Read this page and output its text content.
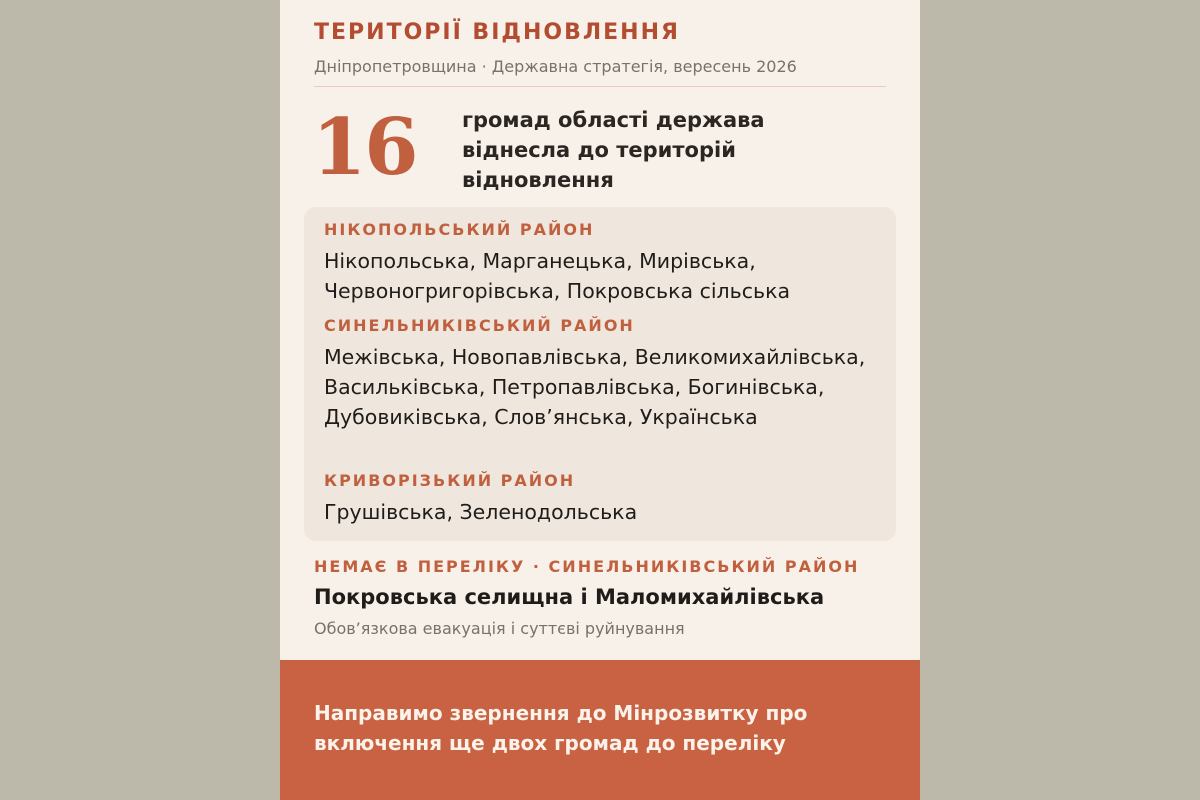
ТЕРИТОРІЇ ВІДНОВЛЕННЯ
Дніпропетровщина · Державна стратегія, вересень 2026
16 громад області держава віднесла до територій відновлення
НІКОПОЛЬСЬКИЙ РАЙОН
Нікопольська, Марганецька, Мирівська, Червоногригорівська, Покровська сільська
СИНЕЛЬНИКІВСЬКИЙ РАЙОН
Межівська, Новопавлівська, Великомихайлівська, Васильківська, Петропавлівська, Богинівська, Дубовиківська, Слов’янська, Українська
КРИВОРІЗЬКИЙ РАЙОН
Грушівська, Зеленодольська
НЕМАЄ В ПЕРЕЛІКУ · СИНЕЛЬНИКІВСЬКИЙ РАЙОН
Покровська селищна і Маломихайлівська
Обов’язкова евакуація і суттєві руйнування
Направимо звернення до Мінрозвитку про включення ще двох громад до переліку
